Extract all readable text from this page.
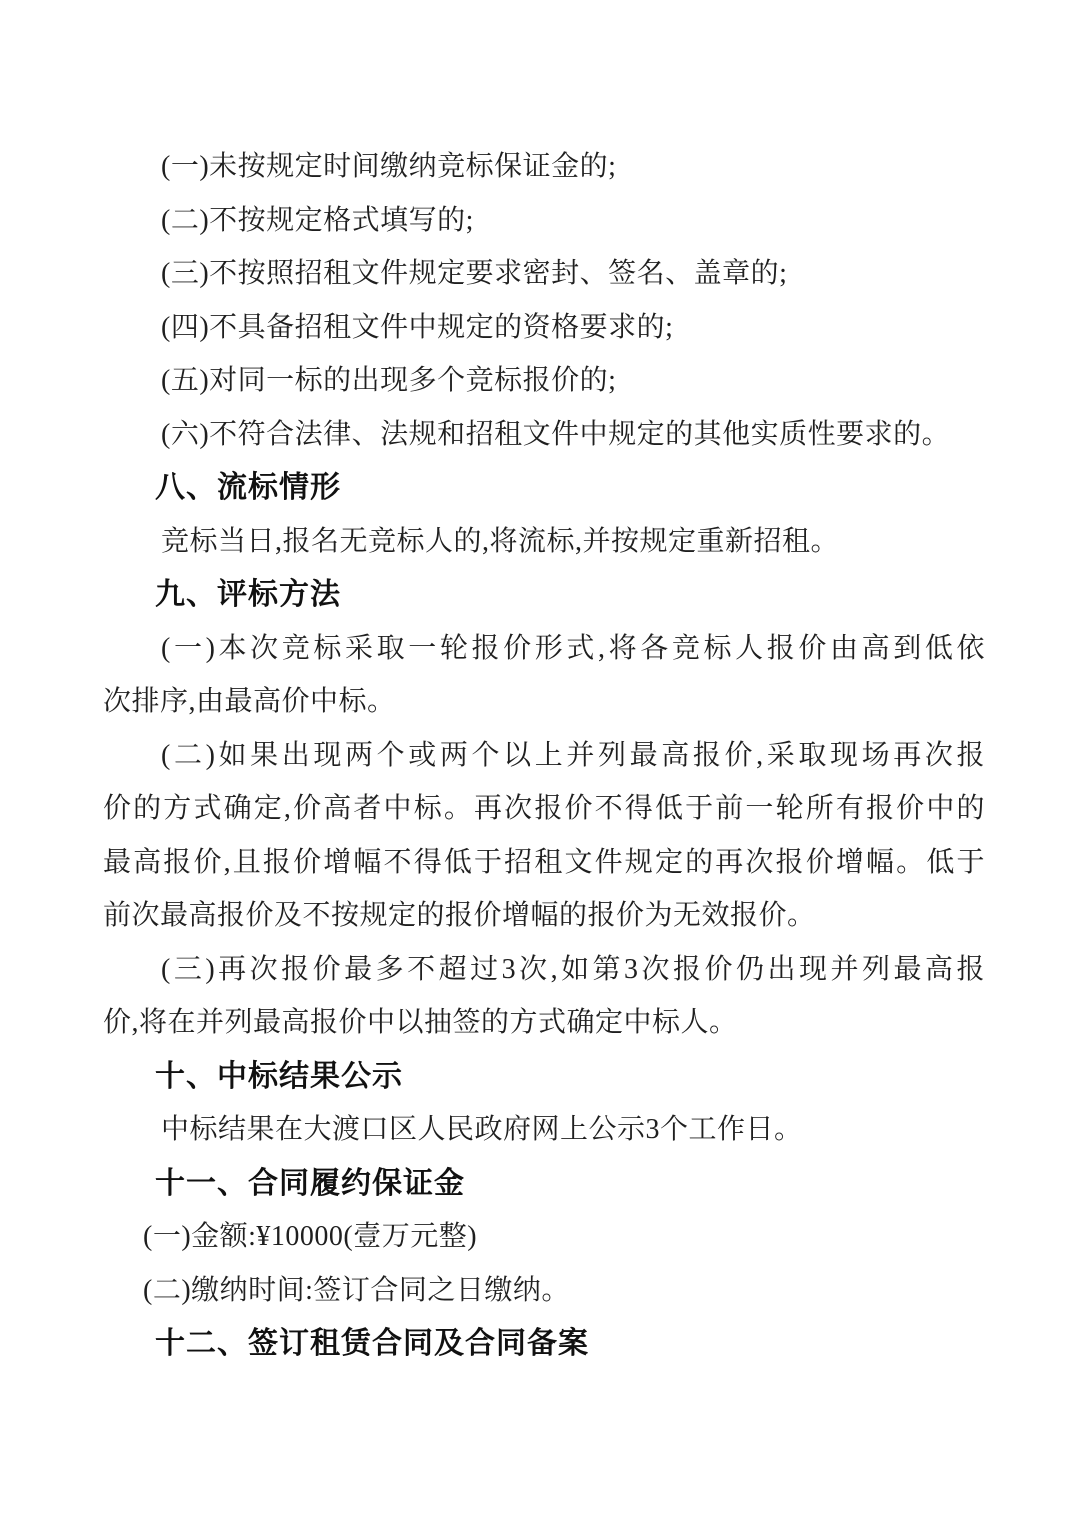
(一)未按规定时间缴纳竞标保证金的;
(二)不按规定格式填写的;
(三)不按照招租文件规定要求密封、签名、盖章的;
(四)不具备招租文件中规定的资格要求的;
(五)对同一标的出现多个竞标报价的;
(六)不符合法律、法规和招租文件中规定的其他实质性要求的。
八、流标情形
竞标当日,报名无竞标人的,将流标,并按规定重新招租。
九、评标方法
(一)本次竞标采取一轮报价形式,将各竞标人报价由高到低依
次排序,由最高价中标。
(二)如果出现两个或两个以上并列最高报价,采取现场再次报
价的方式确定,价高者中标。再次报价不得低于前一轮所有报价中的
最高报价,且报价增幅不得低于招租文件规定的再次报价增幅。低于
前次最高报价及不按规定的报价增幅的报价为无效报价。
(三)再次报价最多不超过3次,如第3次报价仍出现并列最高报
价,将在并列最高报价中以抽签的方式确定中标人。
十、中标结果公示
中标结果在大渡口区人民政府网上公示3个工作日。
十一、合同履约保证金
(一)金额:¥10000(壹万元整)
(二)缴纳时间:签订合同之日缴纳。
十二、签订租赁合同及合同备案
